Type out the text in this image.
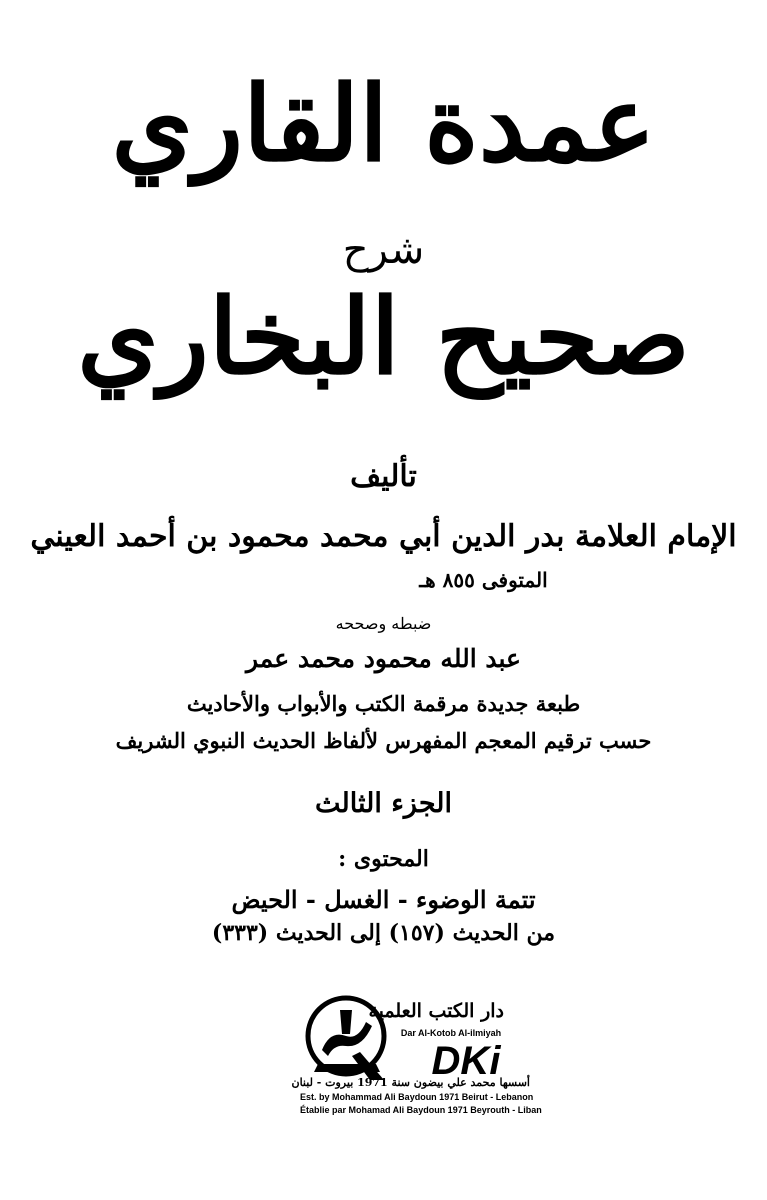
عمدة القاري
شرح
صحيح البخاري
تأليف
الإمام العلامة بدر الدين أبي محمد محمود بن أحمد العيني
المتوفى ٨٥٥ هـ
ضبطه وصححه
عبد الله محمود محمد عمر
طبعة جديدة مرقمة الكتب والأبواب والأحاديث
حسب ترقيم المعجم المفهرس لألفاظ الحديث النبوي الشريف
الجزء الثالث
المحتوى :
تتمة الوضوء - الغسل - الحيض
من الحديث (١٥٧) إلى الحديث (٣٣٣)
دار الكتب العلمية
Dar Al-Kotob Al-ilmiyah
DKi
أسسها محمد علي بيضون سنة 1971 بيروت - لبنان
Est. by Mohammad Ali Baydoun 1971 Beirut - Lebanon
Établie par Mohamad Ali Baydoun 1971 Beyrouth - Liban
